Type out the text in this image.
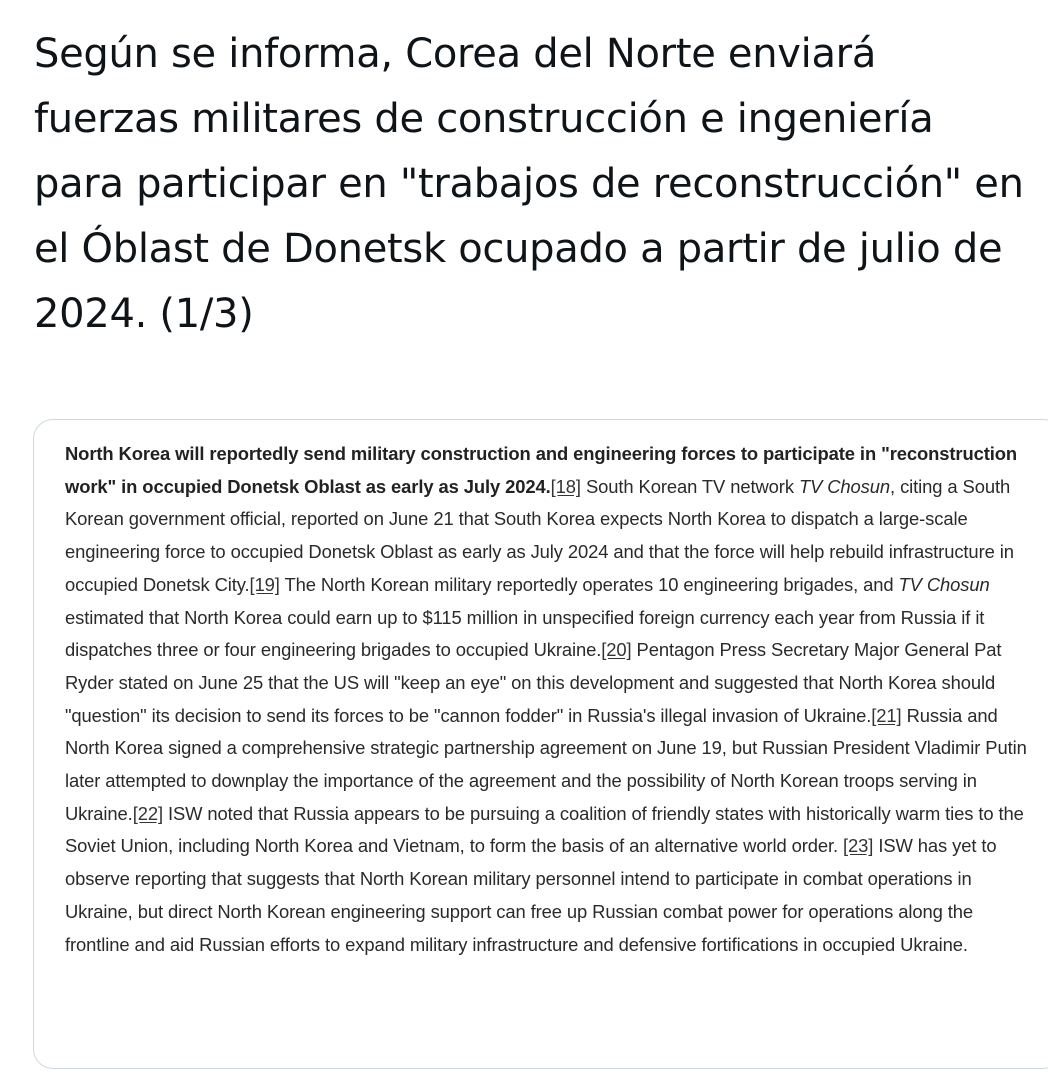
Según se informa, Corea del Norte enviará fuerzas militares de construcción e ingeniería para participar en "trabajos de reconstrucción" en el Óblast de Donetsk ocupado a partir de julio de 2024. (1/3)

North Korea will reportedly send military construction and engineering forces to participate in "reconstruction work" in occupied Donetsk Oblast as early as July 2024.[18] South Korean TV network TV Chosun, citing a South Korean government official, reported on June 21 that South Korea expects North Korea to dispatch a large-scale engineering force to occupied Donetsk Oblast as early as July 2024 and that the force will help rebuild infrastructure in occupied Donetsk City.[19] The North Korean military reportedly operates 10 engineering brigades, and TV Chosun estimated that North Korea could earn up to $115 million in unspecified foreign currency each year from Russia if it dispatches three or four engineering brigades to occupied Ukraine.[20] Pentagon Press Secretary Major General Pat Ryder stated on June 25 that the US will "keep an eye" on this development and suggested that North Korea should "question" its decision to send its forces to be "cannon fodder" in Russia's illegal invasion of Ukraine.[21] Russia and North Korea signed a comprehensive strategic partnership agreement on June 19, but Russian President Vladimir Putin later attempted to downplay the importance of the agreement and the possibility of North Korean troops serving in Ukraine.[22] ISW noted that Russia appears to be pursuing a coalition of friendly states with historically warm ties to the Soviet Union, including North Korea and Vietnam, to form the basis of an alternative world order. [23] ISW has yet to observe reporting that suggests that North Korean military personnel intend to participate in combat operations in Ukraine, but direct North Korean engineering support can free up Russian combat power for operations along the frontline and aid Russian efforts to expand military infrastructure and defensive fortifications in occupied Ukraine.
